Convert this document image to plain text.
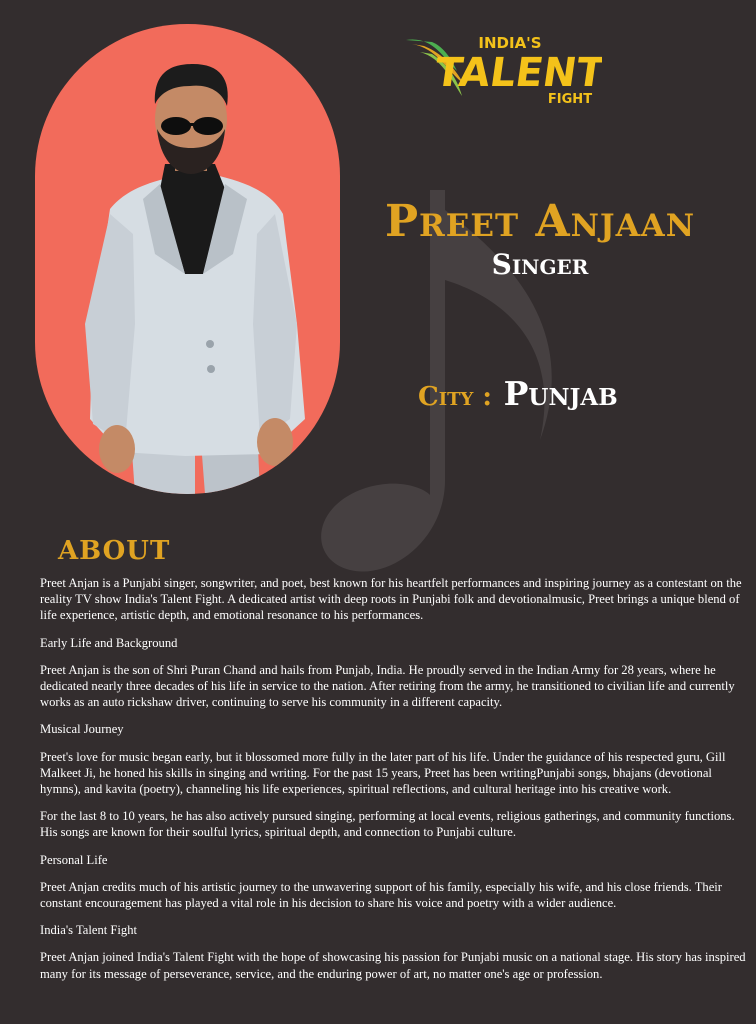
INDIA'S
TALENT
FIGHT
Preet Anjaan
Singer
City : Punjab
ABOUT

Preet Anjan is a Punjabi singer, songwriter, and poet, best known for his heartfelt performances and inspiring journey as a contestant on the reality TV show India's Talent Fight. A dedicated artist with deep roots in Punjabi folk and devotionalmusic, Preet brings a unique blend of life experience, artistic depth, and emotional resonance to his performances.

Early Life and Background

Preet Anjan is the son of Shri Puran Chand and hails from Punjab, India. He proudly served in the Indian Army for 28 years, where he dedicated nearly three decades of his life in service to the nation. After retiring from the army, he transitioned to civilian life and currently works as an auto rickshaw driver, continuing to serve his community in a different capacity.

Musical Journey

Preet's love for music began early, but it blossomed more fully in the later part of his life. Under the guidance of his respected guru, Gill Malkeet Ji, he honed his skills in singing and writing. For the past 15 years, Preet has been writingPunjabi songs, bhajans (devotional hymns), and kavita (poetry), channeling his life experiences, spiritual reflections, and cultural heritage into his creative work.

For the last 8 to 10 years, he has also actively pursued singing, performing at local events, religious gatherings, and community functions. His songs are known for their soulful lyrics, spiritual depth, and connection to Punjabi culture.

Personal Life

Preet Anjan credits much of his artistic journey to the unwavering support of his family, especially his wife, and his close friends. Their constant encouragement has played a vital role in his decision to share his voice and poetry with a wider audience.

India's Talent Fight

Preet Anjan joined India's Talent Fight with the hope of showcasing his passion for Punjabi music on a national stage. His story has inspired many for its message of perseverance, service, and the enduring power of art, no matter one's age or profession.
